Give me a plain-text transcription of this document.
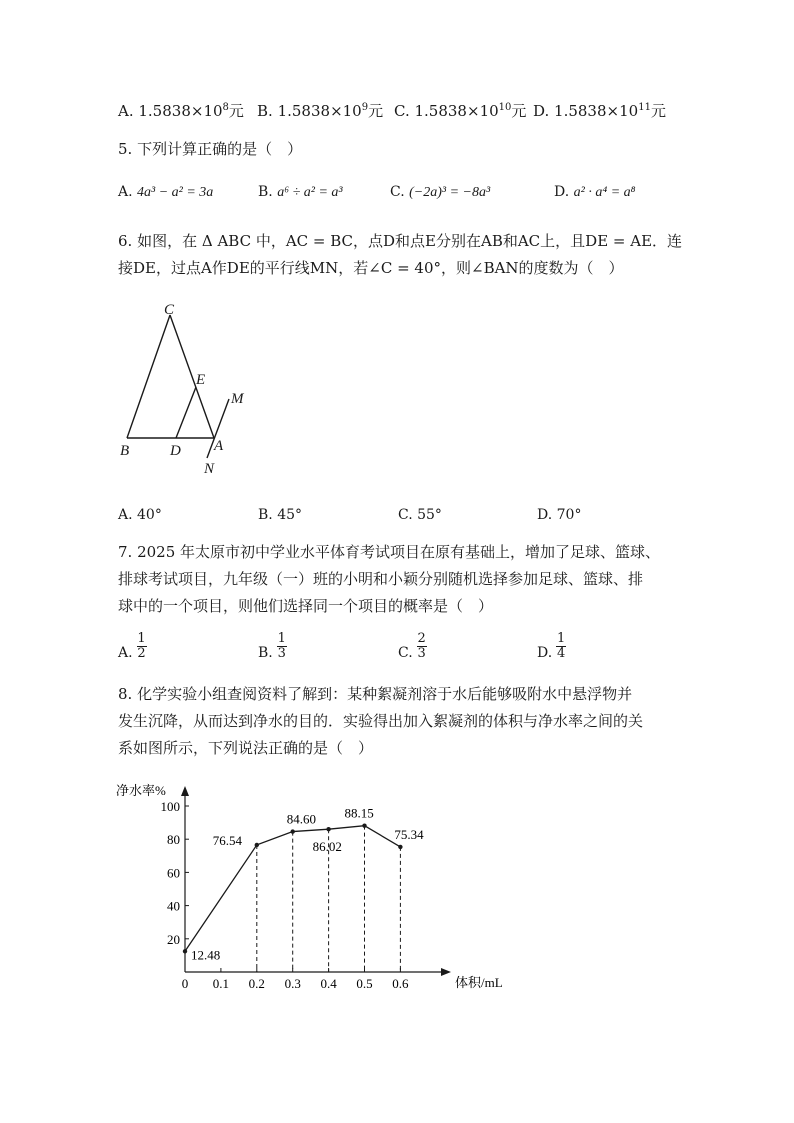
A. $1.5838\times 10^8$元 B. $1.5838\times 10^9$元 C. $1.5838\times 10^{10}$元 D. $1.5838\times 10^{11}$元
5. 下列计算正确的是（　）
A. 4a³ − a² = 3a	B. a⁶ ÷ a² = a³	C. (−2a)³ = −8a³	D. a² · a⁴ = a⁸
6. 如图，在 Δ ABC 中，AC = BC，点D和点E分别在AB和AC上，且DE = AE．连
接DE，过点A作DE的平行线MN，若∠C = 40°，则∠BAN的度数为（　）
C
E
M
B	D A
N
A. 40°	B. 45°	C. 55°	D. 70°
7. 2025 年太原市初中学业水平体育考试项目在原有基础上，增加了足球、篮球、
排球考试项目，九年级（一）班的小明和小颖分别随机选择参加足球、篮球、排
球中的一个项目，则他们选择同一个项目的概率是（　）
A. $\frac{1}{2}$	B. $\frac{1}{3}$	C. $\frac{2}{3}$	D. $\frac{1}{4}$
8. 化学实验小组查阅资料了解到：某种絮凝剂溶于水后能够吸附水中悬浮物并
发生沉降，从而达到净水的目的．实验得出加入絮凝剂的体积与净水率之间的关
系如图所示，下列说法正确的是（　）
净水率%
体积/mL
20
40
60
80
100
0 0.1 0.2 0.3 0.4 0.5 0.6
12.48
76.54
84.60
86.02
88.15
75.34
